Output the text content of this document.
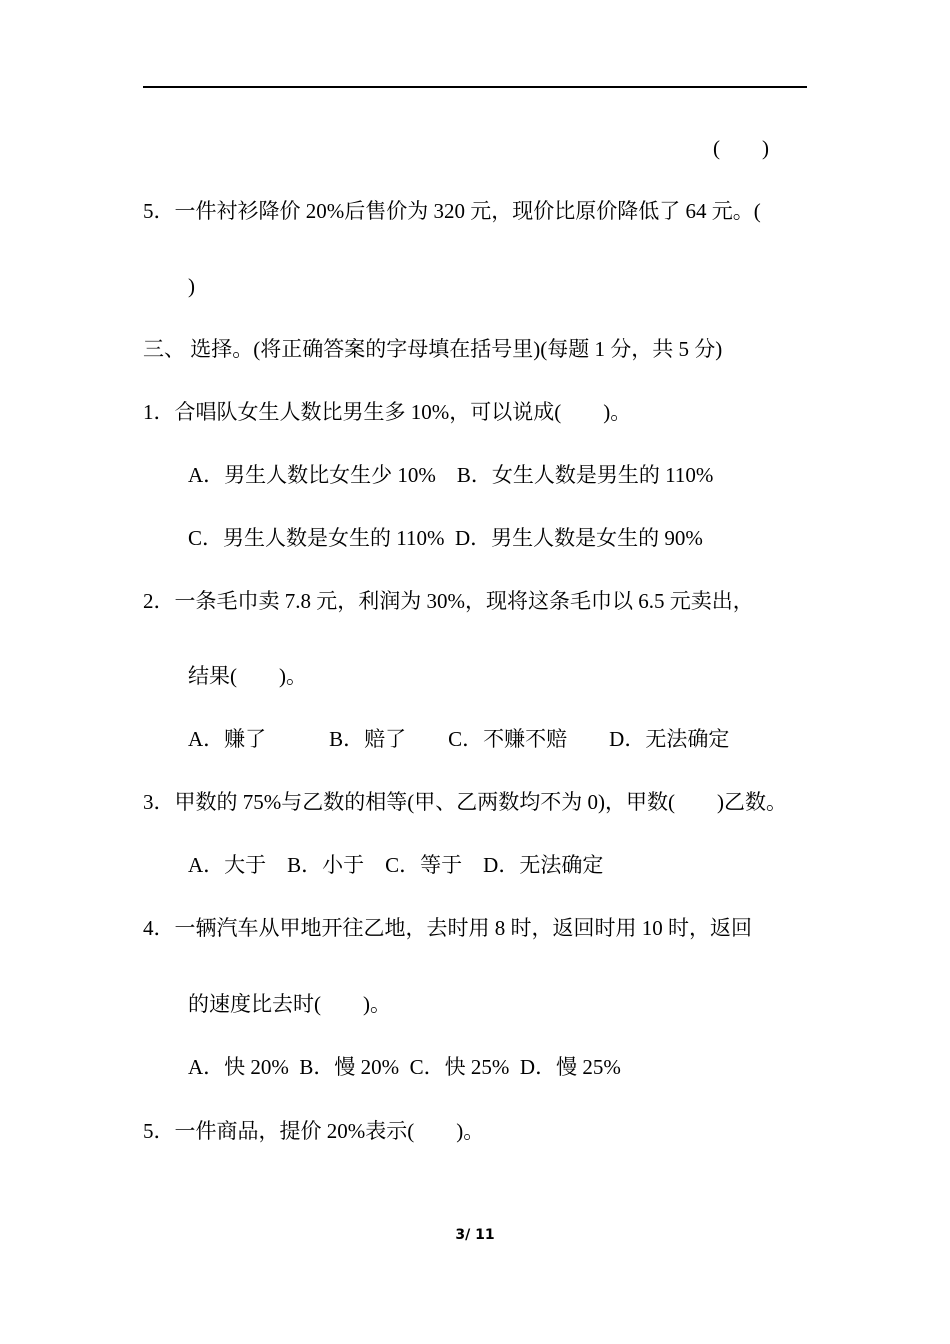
(　　)
5．一件衬衫降价 20%后售价为 320 元，现价比原价降低了 64 元。(
)
三、 选择。(将正确答案的字母填在括号里)(每题 1 分，共 5 分)
1．合唱队女生人数比男生多 10%，可以说成(　　)。
A．男生人数比女生少 10%　B．女生人数是男生的 110%
C．男生人数是女生的 110%  D．男生人数是女生的 90%
2．一条毛巾卖 7.8 元，利润为 30%，现将这条毛巾以 6.5 元卖出，
结果(　　)。
A．赚了　　　B．赔了　　C．不赚不赔　　D．无法确定
3．甲数的 75%与乙数的相等(甲、乙两数均不为 0)，甲数(　　)乙数。
A．大于　B．小于　C．等于　D．无法确定
4．一辆汽车从甲地开往乙地，去时用 8 时，返回时用 10 时，返回
的速度比去时(　　)。
A．快 20%  B．慢 20%  C．快 25%  D．慢 25%
5．一件商品，提价 20%表示(　　)。
3/ 11
